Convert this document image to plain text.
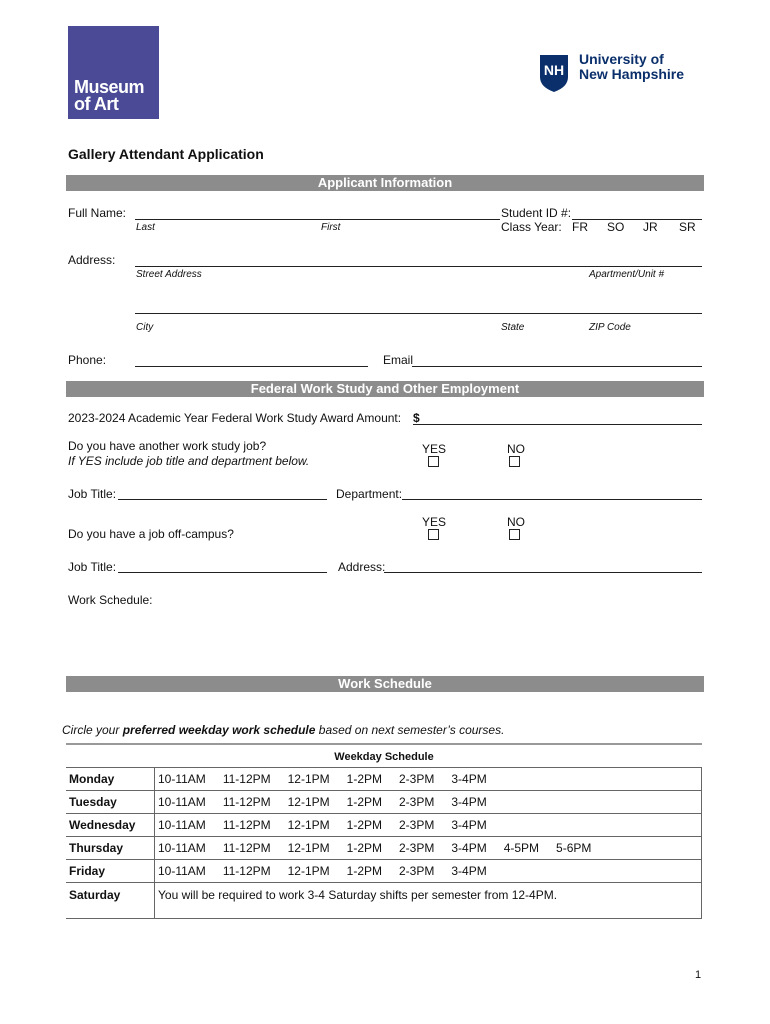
Museum
of Art
NH
University of
New Hampshire
Gallery Attendant Application
Applicant Information
Full Name:
Last	First
Student ID #:
Class Year: FR SO JR SR
Address:
Street Address	Apartment/Unit #
City	State	ZIP Code
Phone:	Email
Federal Work Study and Other Employment
2023-2024 Academic Year Federal Work Study Award Amount: $
Do you have another work study job?
If YES include job title and department below.
YES	NO
Job Title:	Department:
YES	NO
Do you have a job off-campus?
Job Title:	Address:
Work Schedule:
Work Schedule
Circle your preferred weekday work schedule based on next semester’s courses.
Weekday Schedule
Monday	10-11AM 11-12PM 12-1PM 1-2PM 2-3PM 3-4PM
Tuesday	10-11AM 11-12PM 12-1PM 1-2PM 2-3PM 3-4PM
Wednesday	10-11AM 11-12PM 12-1PM 1-2PM 2-3PM 3-4PM
Thursday	10-11AM 11-12PM 12-1PM 1-2PM 2-3PM 3-4PM 4-5PM 5-6PM
Friday	10-11AM 11-12PM 12-1PM 1-2PM 2-3PM 3-4PM
Saturday	You will be required to work 3-4 Saturday shifts per semester from 12-4PM.
1
